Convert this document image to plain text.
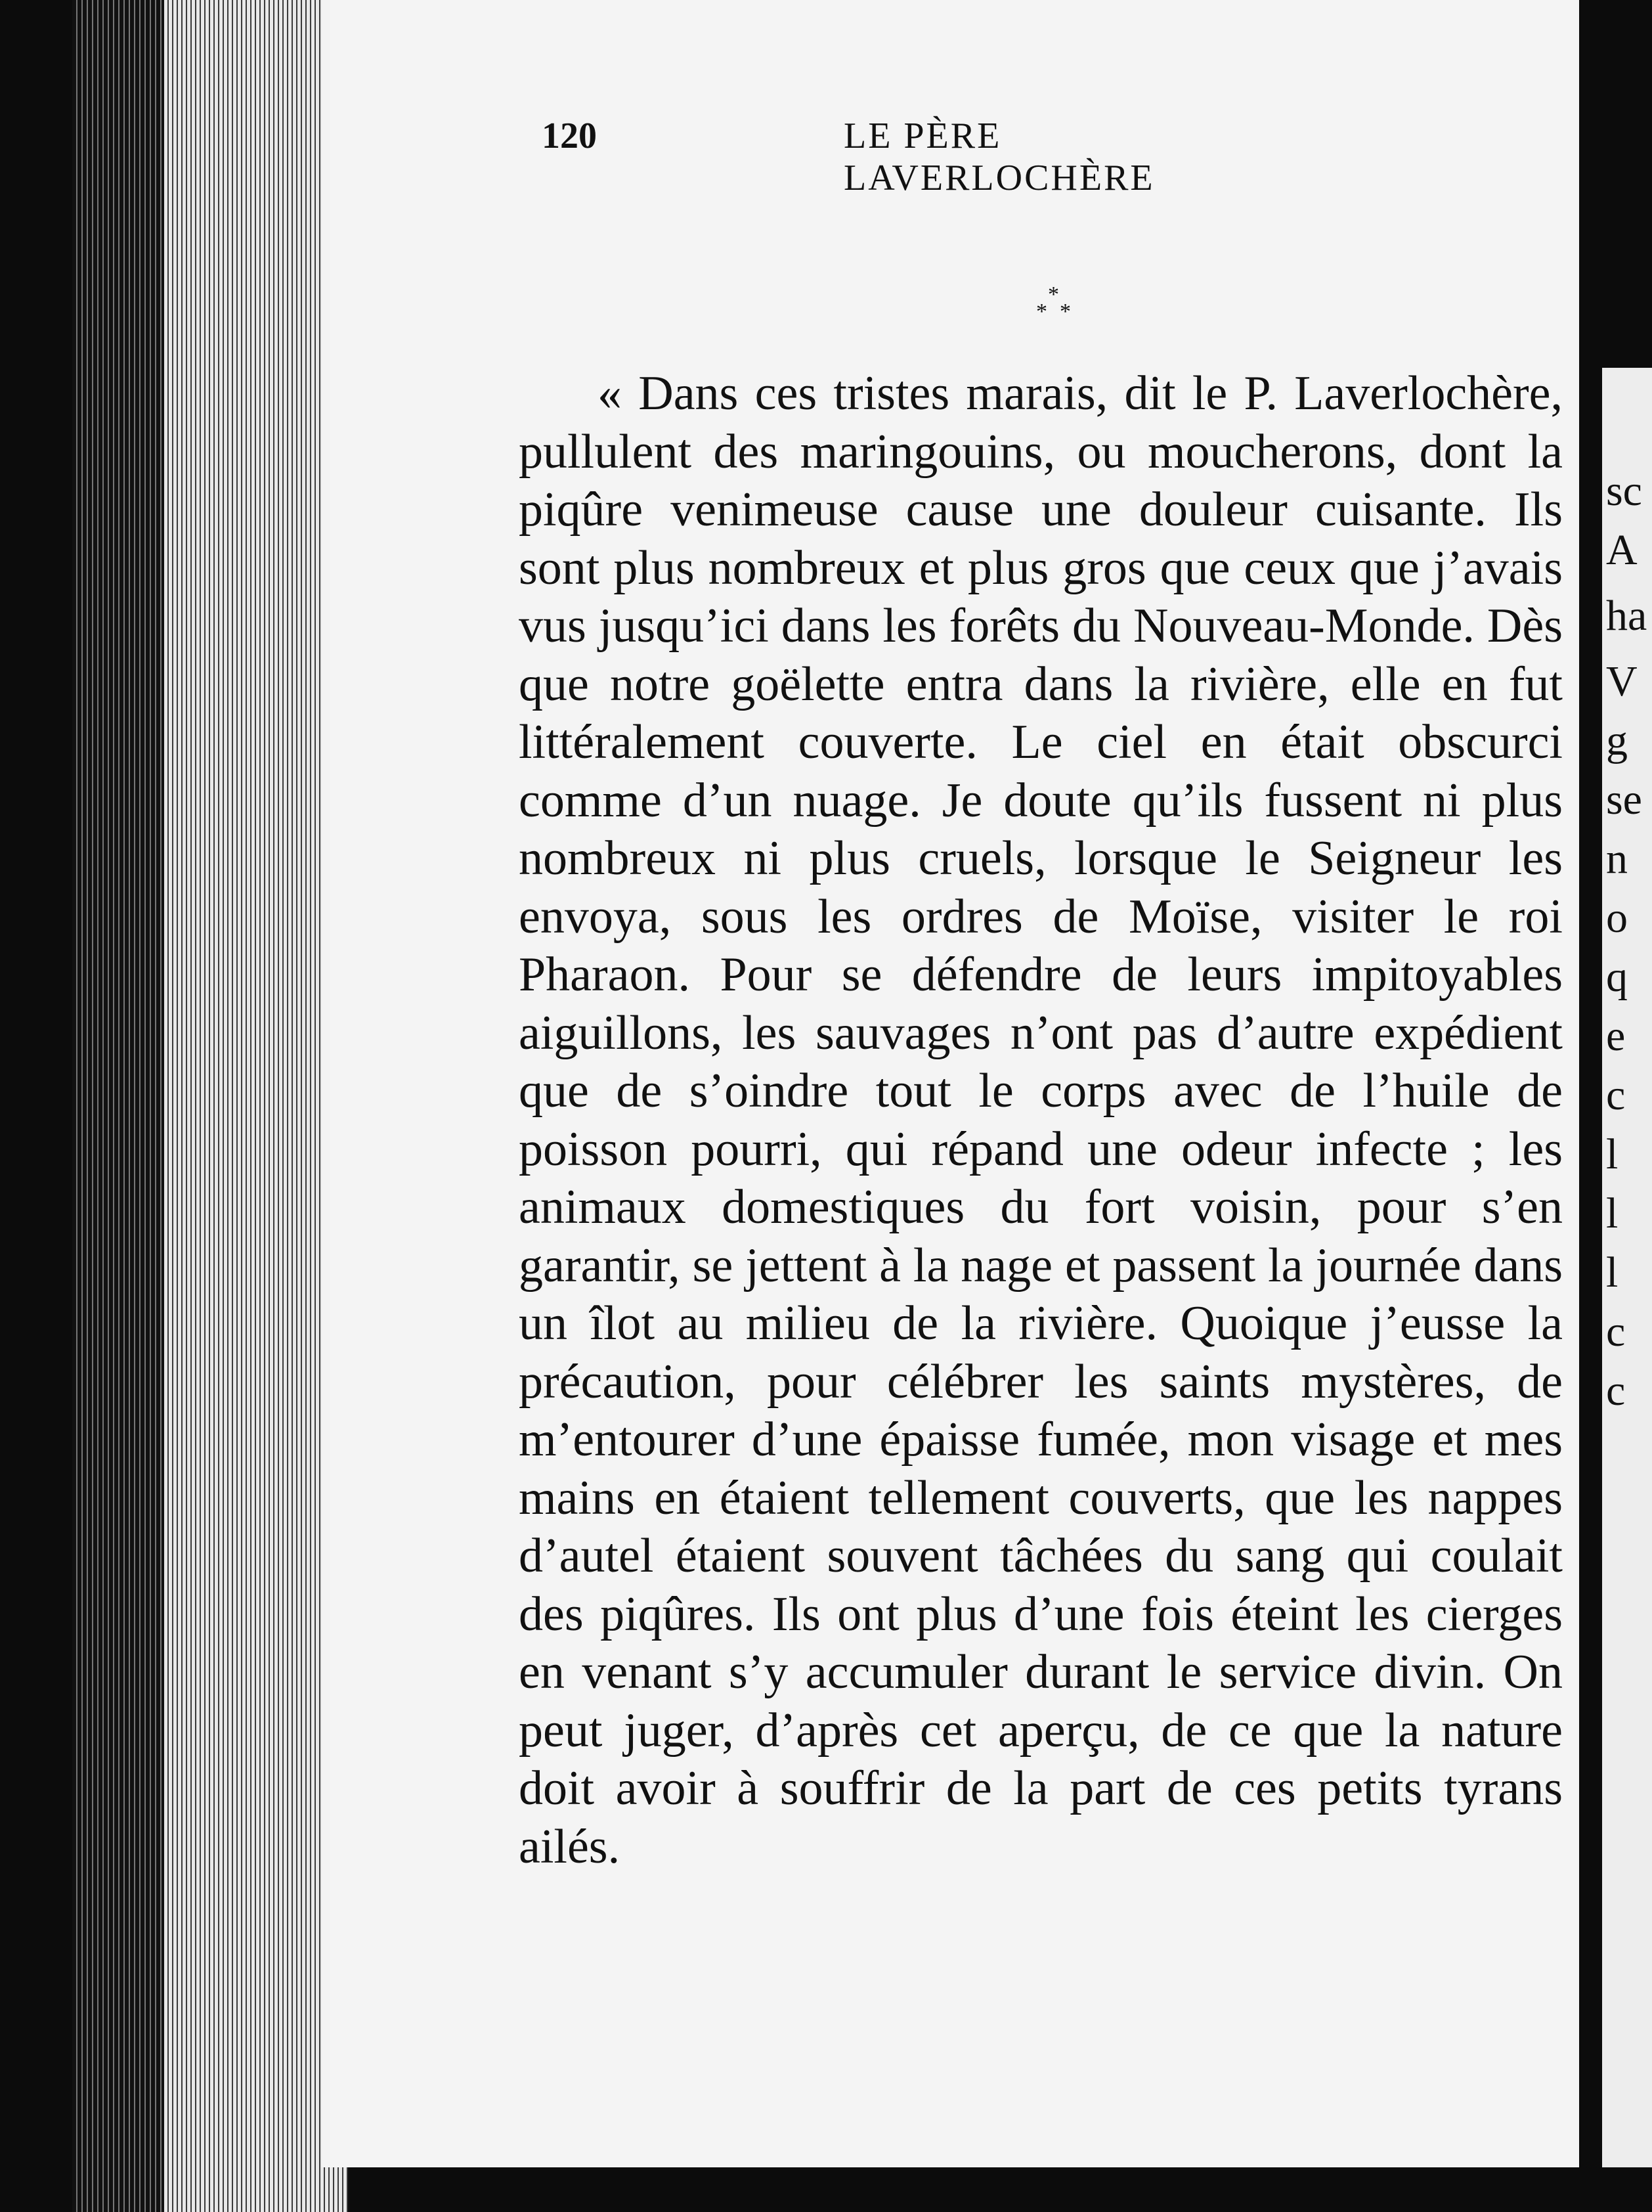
sc
A
ha
V
g
se
n
o
q
e
c
l
l
l
c
c
120	LE PÈRE LAVERLOCHÈRE
*
* *

« Dans ces tristes marais, dit le P. Laverlochère, pullulent des maringouins, ou moucherons, dont la piqûre venimeuse cause une douleur cuisante. Ils sont plus nombreux et plus gros que ceux que j’avais vus jusqu’ici dans les forêts du Nouveau-Monde. Dès que notre goëlette entra dans la rivière, elle en fut littéralement couverte. Le ciel en était obscurci comme d’un nuage. Je doute qu’ils fussent ni plus nombreux ni plus cruels, lorsque le Seigneur les envoya, sous les ordres de Moïse, visiter le roi Pharaon. Pour se défendre de leurs impitoyables aiguillons, les sauvages n’ont pas d’autre expédient que de s’oindre tout le corps avec de l’huile de poisson pourri, qui répand une odeur infecte ; les animaux domestiques du fort voisin, pour s’en garantir, se jettent à la nage et passent la journée dans un îlot au milieu de la rivière. Quoique j’eusse la précaution, pour célébrer les saints mystères, de m’entourer d’une épaisse fumée, mon visage et mes mains en étaient tellement couverts, que les nappes d’autel étaient souvent tâchées du sang qui coulait des piqûres. Ils ont plus d’une fois éteint les cierges en venant s’y accumuler durant le service divin. On peut juger, d’après cet aperçu, de ce que la nature doit avoir à souffrir de la part de ces petits tyrans ailés.
